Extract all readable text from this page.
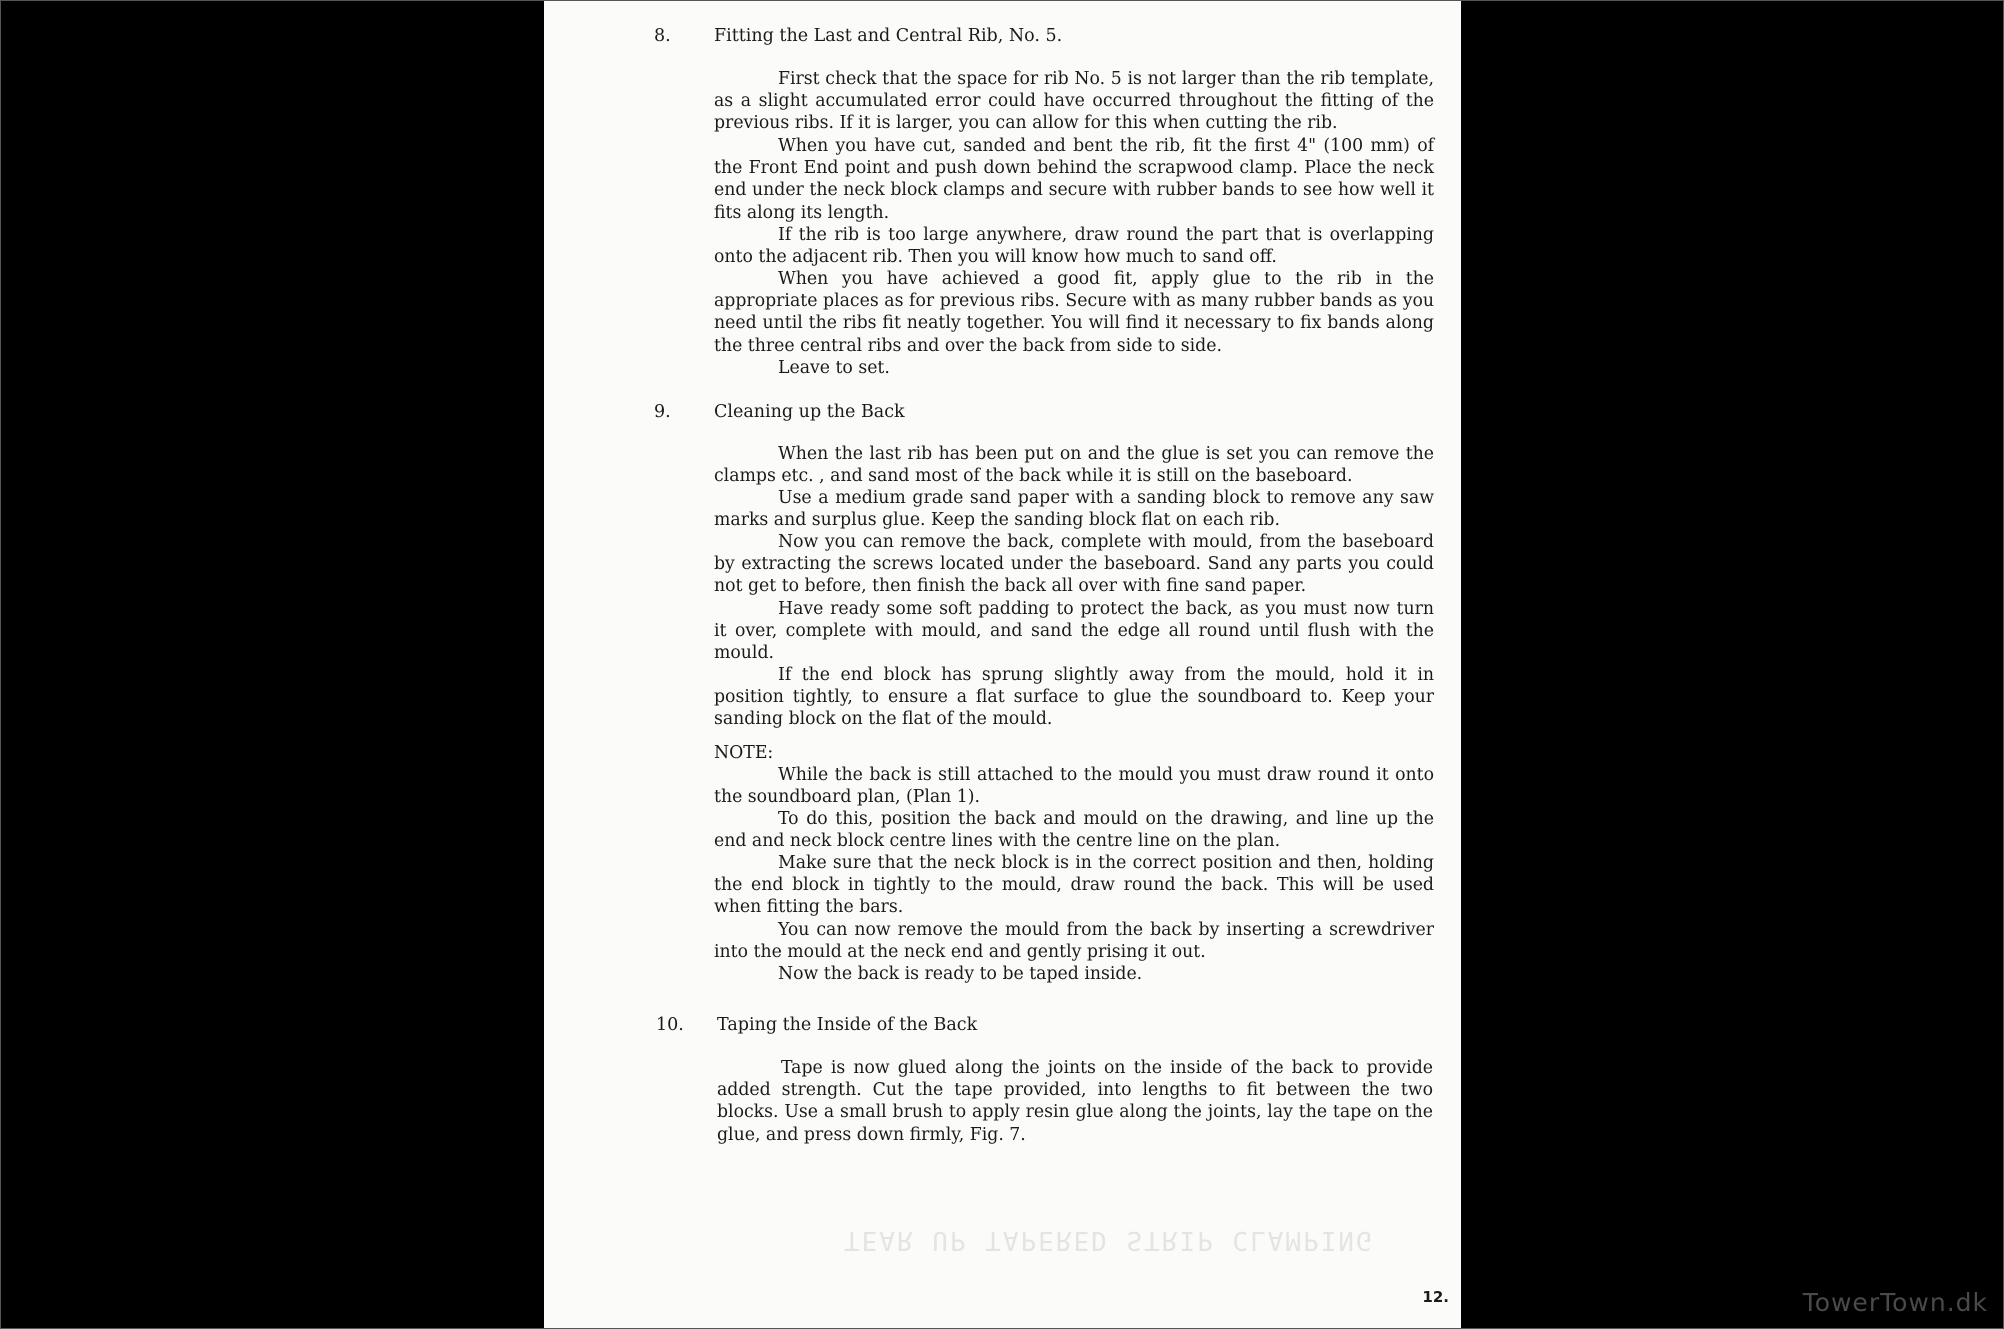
8. Fitting the Last and Central Rib, No. 5.

First check that the space for rib No. 5 is not larger than the rib template, as a slight accumulated error could have occurred throughout the fitting of the previous ribs. If it is larger, you can allow for this when cutting the rib.

When you have cut, sanded and bent the rib, fit the first 4" (100 mm) of the Front End point and push down behind the scrapwood clamp. Place the neck end under the neck block clamps and secure with rubber bands to see how well it fits along its length.

If the rib is too large anywhere, draw round the part that is overlapping onto the adjacent rib. Then you will know how much to sand off.

When you have achieved a good fit, apply glue to the rib in the appropriate places as for previous ribs. Secure with as many rubber bands as you need until the ribs fit neatly together. You will find it necessary to fix bands along the three central ribs and over the back from side to side.

Leave to set.

9. Cleaning up the Back

When the last rib has been put on and the glue is set you can remove the clamps etc. , and sand most of the back while it is still on the baseboard.

Use a medium grade sand paper with a sanding block to remove any saw marks and surplus glue. Keep the sanding block flat on each rib.

Now you can remove the back, complete with mould, from the baseboard by extracting the screws located under the baseboard. Sand any parts you could not get to before, then finish the back all over with fine sand paper.

Have ready some soft padding to protect the back, as you must now turn it over, complete with mould, and sand the edge all round until flush with the mould.

If the end block has sprung slightly away from the mould, hold it in position tightly, to ensure a flat surface to glue the soundboard to. Keep your sanding block on the flat of the mould.

NOTE:

While the back is still attached to the mould you must draw round it onto the soundboard plan, (Plan 1).

To do this, position the back and mould on the drawing, and line up the end and neck block centre lines with the centre line on the plan.

Make sure that the neck block is in the correct position and then, holding the end block in tightly to the mould, draw round the back. This will be used when fitting the bars.

You can now remove the mould from the back by inserting a screwdriver into the mould at the neck end and gently prising it out.

Now the back is ready to be taped inside.

10. Taping the Inside of the Back

Tape is now glued along the joints on the inside of the back to provide added strength. Cut the tape provided, into lengths to fit between the two blocks. Use a small brush to apply resin glue along the joints, lay the tape on the glue, and press down firmly, Fig. 7.

TEAR UP TAPERED STRIP CLAMPING
12.	TowerTown.dk
